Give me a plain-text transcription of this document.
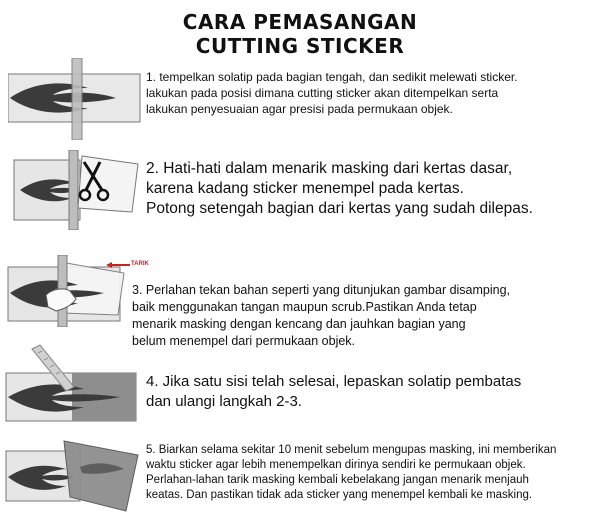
CARA PEMASANGAN
CUTTING STICKER
1. tempelkan solatip pada bagian tengah, dan sedikit melewati sticker.
lakukan pada posisi dimana cutting sticker akan ditempelkan serta
lakukan penyesuaian agar presisi pada permukaan objek.
2. Hati-hati dalam menarik masking dari kertas dasar,
karena kadang sticker menempel pada kertas.
Potong setengah bagian dari kertas yang sudah dilepas.
TARIK
3. Perlahan tekan bahan seperti yang ditunjukan gambar disamping,
baik menggunakan tangan maupun scrub.Pastikan Anda tetap
menarik masking dengan kencang dan jauhkan bagian yang
belum menempel dari permukaan objek.
4. Jika satu sisi telah selesai, lepaskan solatip pembatas
dan ulangi langkah 2-3.
5. Biarkan selama sekitar 10 menit sebelum mengupas masking, ini memberikan
waktu sticker agar lebih menempelkan dirinya sendiri ke permukaan objek.
Perlahan-lahan tarik masking kembali kebelakang jangan menarik menjauh
keatas. Dan pastikan tidak ada sticker yang menempel kembali ke masking.
